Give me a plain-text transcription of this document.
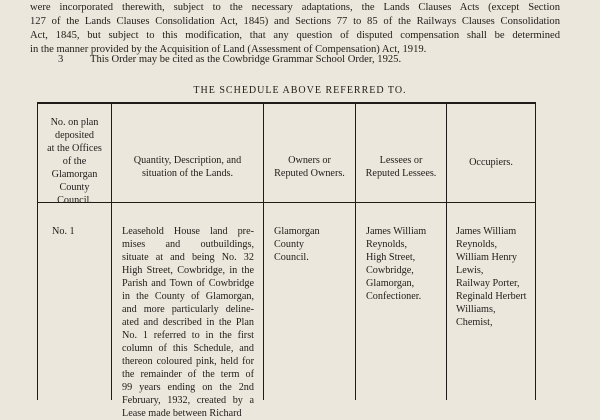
were incorporated therewith, subject to the necessary adaptations, the Lands Clauses Acts (except Section
127 of the Lands Clauses Consolidation Act, 1845) and Sections 77 to 85 of the Railways Clauses Consolidation
Act, 1845, but subject to this modification, that any question of disputed compensation shall be determined
in the manner provided by the Acquisition of Land (Assessment of Compensation) Act, 1919.
3	This Order may be cited as the Cowbridge Grammar School Order, 1925.
THE SCHEDULE ABOVE REFERRED TO.
No. on plan
deposited
at the Offices
of the
Glamorgan
County
Council.
Quantity, Description, and
situation of the Lands.
Owners or
Reputed Owners.
Lessees or
Reputed Lessees.
Occupiers.
No. 1	Leasehold House land pre-
mises and outbuildings,
situate at and being No. 32
High Street, Cowbridge, in the
Parish and Town of Cowbridge
in the County of Glamorgan,
and more particularly deline-
ated and described in the Plan
No. 1 referred to in the first
column of this Schedule, and
thereon coloured pink, held for
the remainder of the term of
99 years ending on the 2nd
February, 1932, created by a
Lease made between Richard
Glamorgan
County
Council.
James William
Reynolds,
High Street,
Cowbridge,
Glamorgan,
Confectioner.
James William
Reynolds,
William Henry
Lewis,
Railway Porter,
Reginald Herbert
Williams,
Chemist,
